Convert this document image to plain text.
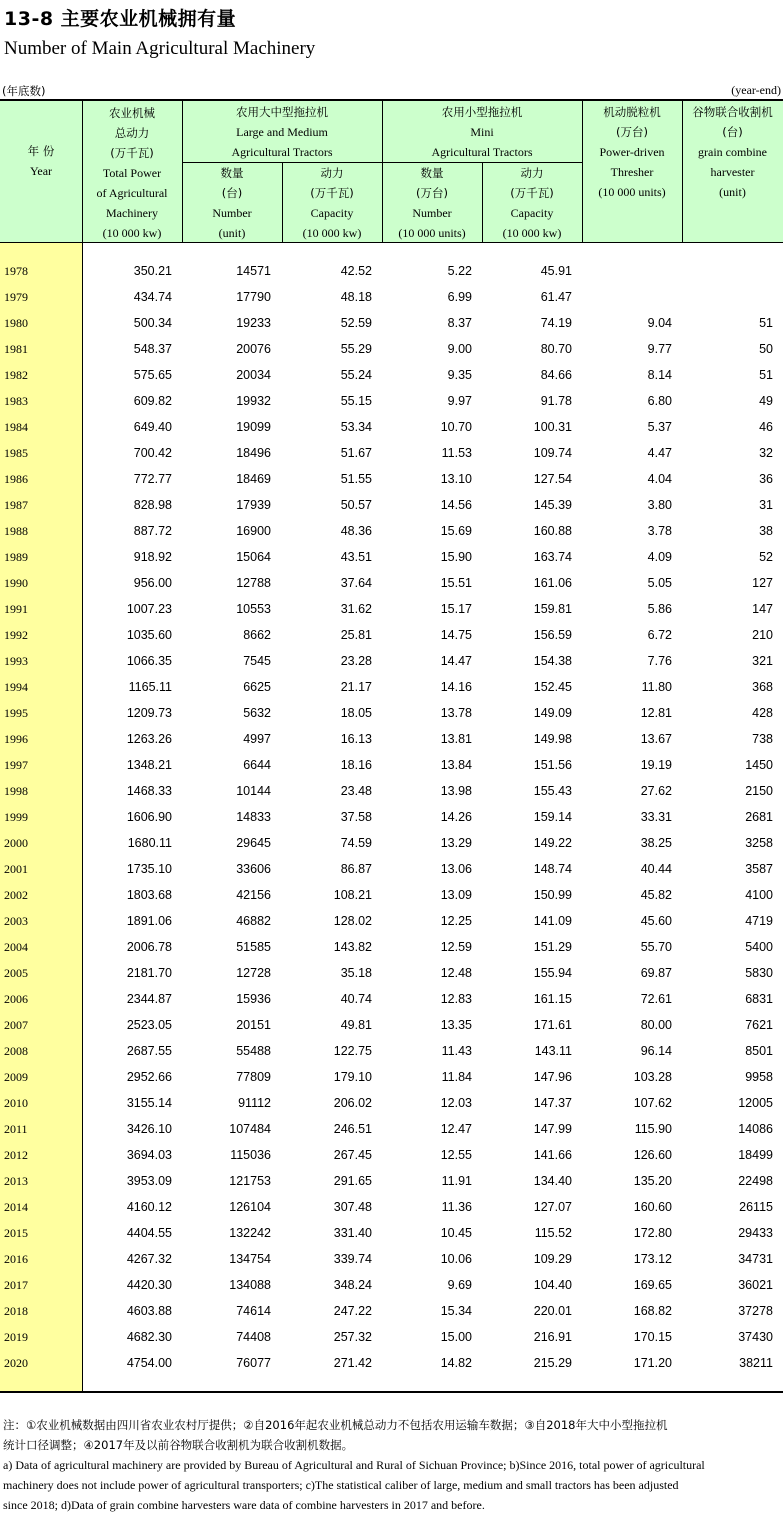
13-8 主要农业机械拥有量
Number of Main Agricultural Machinery
(年底数)	(year-end)
年 份
Year
农业机械
总动力
(万千瓦)
Total Power
of Agricultural
Machinery
(10 000 kw)
农用大中型拖拉机
Large and Medium
Agricultural Tractors
数量
(台)
Number
(unit)
动力
(万千瓦)
Capacity
(10 000 kw)
农用小型拖拉机
Mini
Agricultural Tractors
数量
(万台)
Number
(10 000 units)
动力
(万千瓦)
Capacity
(10 000 kw)
机动脱粒机
(万台)
Power-driven
Thresher
(10 000 units)
谷物联合收割机
(台)
grain combine
harvester
(unit)
1978	350.21	14571	42.52	5.22	45.91
1979	434.74	17790	48.18	6.99	61.47
1980	500.34	19233	52.59	8.37	74.19	9.04	51
1981	548.37	20076	55.29	9.00	80.70	9.77	50
1982	575.65	20034	55.24	9.35	84.66	8.14	51
1983	609.82	19932	55.15	9.97	91.78	6.80	49
1984	649.40	19099	53.34	10.70	100.31	5.37	46
1985	700.42	18496	51.67	11.53	109.74	4.47	32
1986	772.77	18469	51.55	13.10	127.54	4.04	36
1987	828.98	17939	50.57	14.56	145.39	3.80	31
1988	887.72	16900	48.36	15.69	160.88	3.78	38
1989	918.92	15064	43.51	15.90	163.74	4.09	52
1990	956.00	12788	37.64	15.51	161.06	5.05	127
1991	1007.23	10553	31.62	15.17	159.81	5.86	147
1992	1035.60	8662	25.81	14.75	156.59	6.72	210
1993	1066.35	7545	23.28	14.47	154.38	7.76	321
1994	1165.11	6625	21.17	14.16	152.45	11.80	368
1995	1209.73	5632	18.05	13.78	149.09	12.81	428
1996	1263.26	4997	16.13	13.81	149.98	13.67	738
1997	1348.21	6644	18.16	13.84	151.56	19.19	1450
1998	1468.33	10144	23.48	13.98	155.43	27.62	2150
1999	1606.90	14833	37.58	14.26	159.14	33.31	2681
2000	1680.11	29645	74.59	13.29	149.22	38.25	3258
2001	1735.10	33606	86.87	13.06	148.74	40.44	3587
2002	1803.68	42156	108.21	13.09	150.99	45.82	4100
2003	1891.06	46882	128.02	12.25	141.09	45.60	4719
2004	2006.78	51585	143.82	12.59	151.29	55.70	5400
2005	2181.70	12728	35.18	12.48	155.94	69.87	5830
2006	2344.87	15936	40.74	12.83	161.15	72.61	6831
2007	2523.05	20151	49.81	13.35	171.61	80.00	7621
2008	2687.55	55488	122.75	11.43	143.11	96.14	8501
2009	2952.66	77809	179.10	11.84	147.96	103.28	9958
2010	3155.14	91112	206.02	12.03	147.37	107.62	12005
2011	3426.10	107484	246.51	12.47	147.99	115.90	14086
2012	3694.03	115036	267.45	12.55	141.66	126.60	18499
2013	3953.09	121753	291.65	11.91	134.40	135.20	22498
2014	4160.12	126104	307.48	11.36	127.07	160.60	26115
2015	4404.55	132242	331.40	10.45	115.52	172.80	29433
2016	4267.32	134754	339.74	10.06	109.29	173.12	34731
2017	4420.30	134088	348.24	9.69	104.40	169.65	36021
2018	4603.88	74614	247.22	15.34	220.01	168.82	37278
2019	4682.30	74408	257.32	15.00	216.91	170.15	37430
2020	4754.00	76077	271.42	14.82	215.29	171.20	38211
注：①农业机械数据由四川省农业农村厅提供；②自2016年起农业机械总动力不包括农用运输车数据；③自2018年大中小型拖拉机
统计口径调整；④2017年及以前谷物联合收割机为联合收割机数据。
a) Data of agricultural machinery are provided by Bureau of Agricultural and Rural of Sichuan Province; b)Since 2016, total power of agricultural
machinery does not include power of agricultural transporters; c)The statistical caliber of large, medium and small tractors has been adjusted
since 2018; d)Data of grain combine harvesters ware data of combine harvesters in 2017 and before.
